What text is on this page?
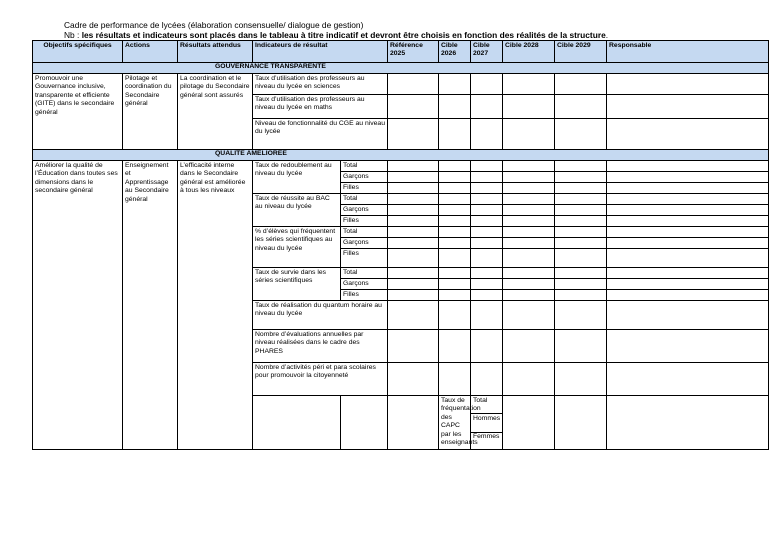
Cadre de performance de lycées (élaboration consensuelle/ dialogue de gestion)
Nb : les résultats et indicateurs sont placés dans le tableau à titre indicatif et devront être choisis en fonction des réalités de la structure.
Objectifs spécifiques	Actions	Résultats attendus	Indicateurs de résultat		Référence 2025	Cible 2026	Cible 2027	Cible 2028	Cible 2029	Responsable	
GOUVERNANCE TRANSPARENTE											
Promouvoir une Gouvernance inclusive, transparente et efficiente (GITE) dans le secondaire général	Pilotage et coordination du Secondaire général	La coordination et le pilotage du Secondaire général sont assurés	Taux d’utilisation des professeurs au niveau du lycée en sciences								
			Taux d’utilisation des professeurs au niveau du lycée en maths								
			Niveau de fonctionnalité du CGE au niveau du lycée								
QUALITE AMELIOREE											
Améliorer la qualité de l’Éducation dans toutes ses dimensions dans le secondaire général	Enseignement et Apprentissage au Secondaire général	L’efficacité interne dans le Secondaire général est améliorée à tous les niveaux	Taux de redoublement au niveau du lycée	Total							
				Garçons							
				Filles							
			Taux de réussite au BAC au niveau du lycée	Total							
				Garçons							
				Filles							
			% d’élèves qui fréquentent les séries scientifiques au niveau du lycée	Total							
				Garçons							
				Filles							
			Taux de survie dans les séries scientifiques	Total							
				Garçons							
				Filles							
			Taux de réalisation du quantum horaire au niveau du lycée								
			Nombre d’évaluations annuelles par niveau réalisées dans le cadre des PHARES								
			Nombre d’activités péri et para scolaires pour promouvoir la citoyenneté								
						Taux de fréquentation des CAPC par les enseignants	Total						
							Hommes				
							Femmes				
